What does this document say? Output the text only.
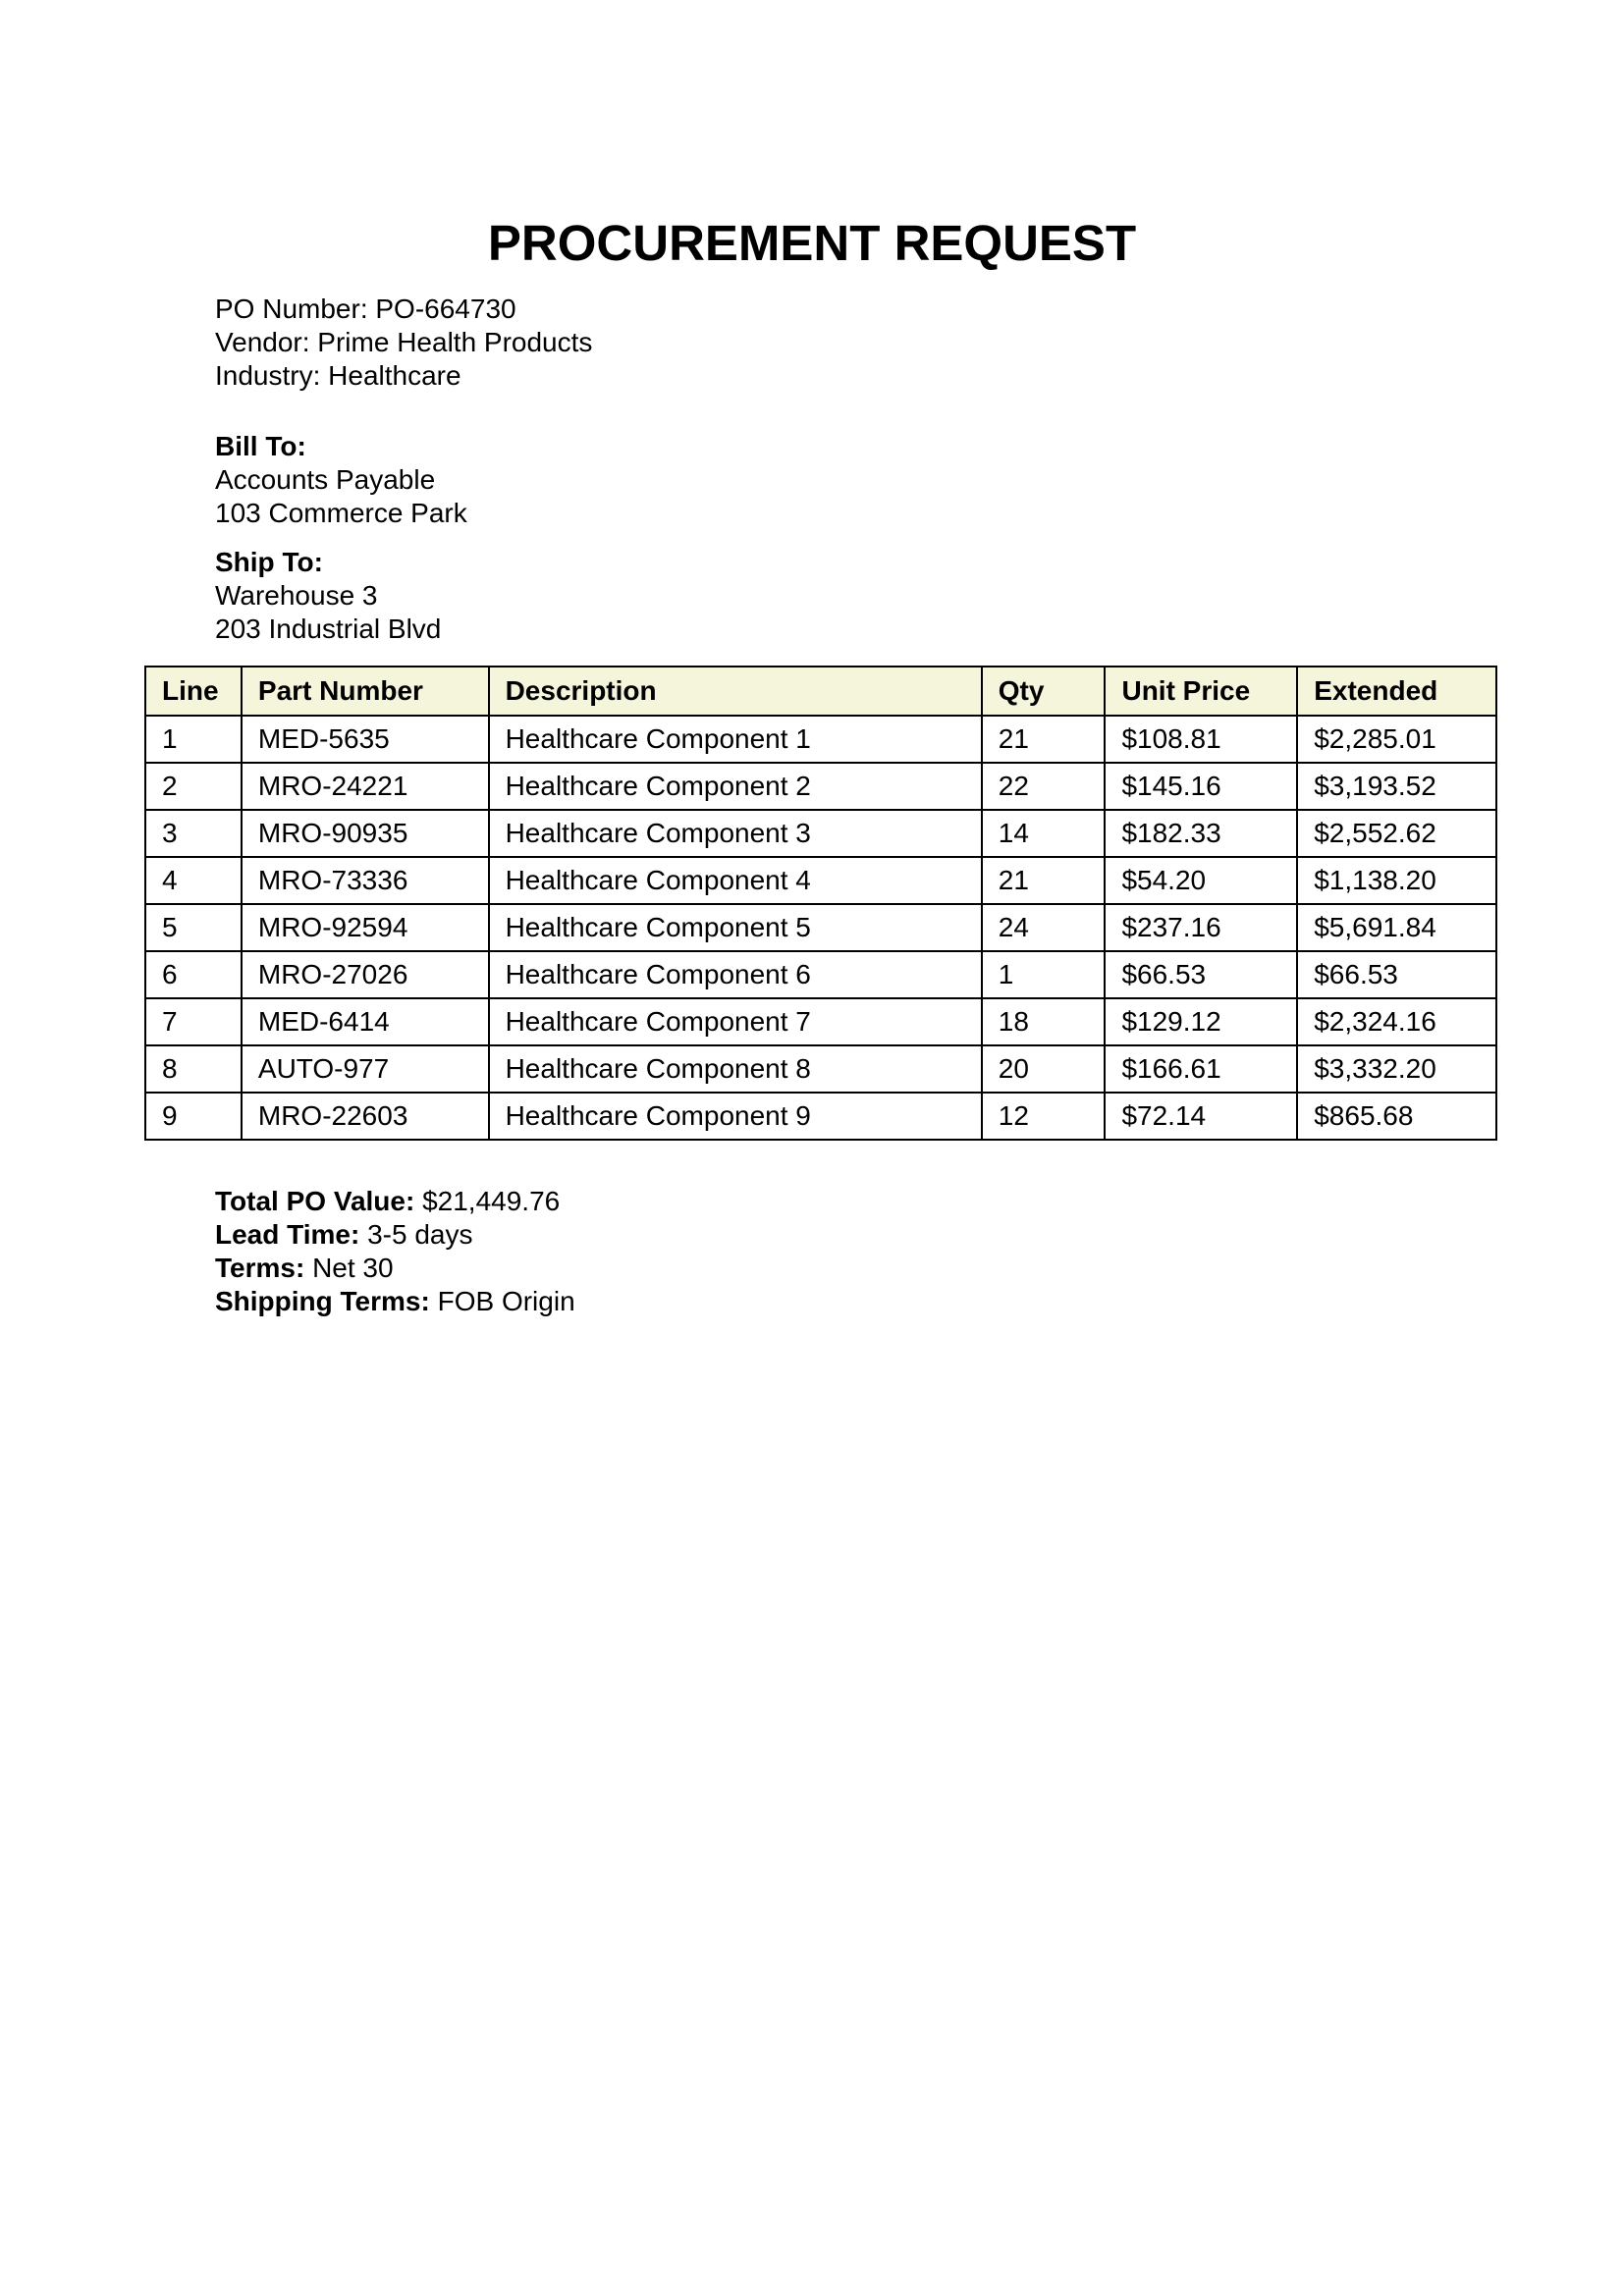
PROCUREMENT REQUEST
PO Number: PO-664730
Vendor: Prime Health Products
Industry: Healthcare
Bill To:
Accounts Payable
103 Commerce Park
Ship To:
Warehouse 3
203 Industrial Blvd
Line	Part Number	Description	Qty	Unit Price	Extended
1	MED-5635	Healthcare Component 1	21	$108.81	$2,285.01
2	MRO-24221	Healthcare Component 2	22	$145.16	$3,193.52
3	MRO-90935	Healthcare Component 3	14	$182.33	$2,552.62
4	MRO-73336	Healthcare Component 4	21	$54.20	$1,138.20
5	MRO-92594	Healthcare Component 5	24	$237.16	$5,691.84
6	MRO-27026	Healthcare Component 6	1	$66.53	$66.53
7	MED-6414	Healthcare Component 7	18	$129.12	$2,324.16
8	AUTO-977	Healthcare Component 8	20	$166.61	$3,332.20
9	MRO-22603	Healthcare Component 9	12	$72.14	$865.68
Total PO Value: $21,449.76
Lead Time: 3-5 days
Terms: Net 30
Shipping Terms: FOB Origin
